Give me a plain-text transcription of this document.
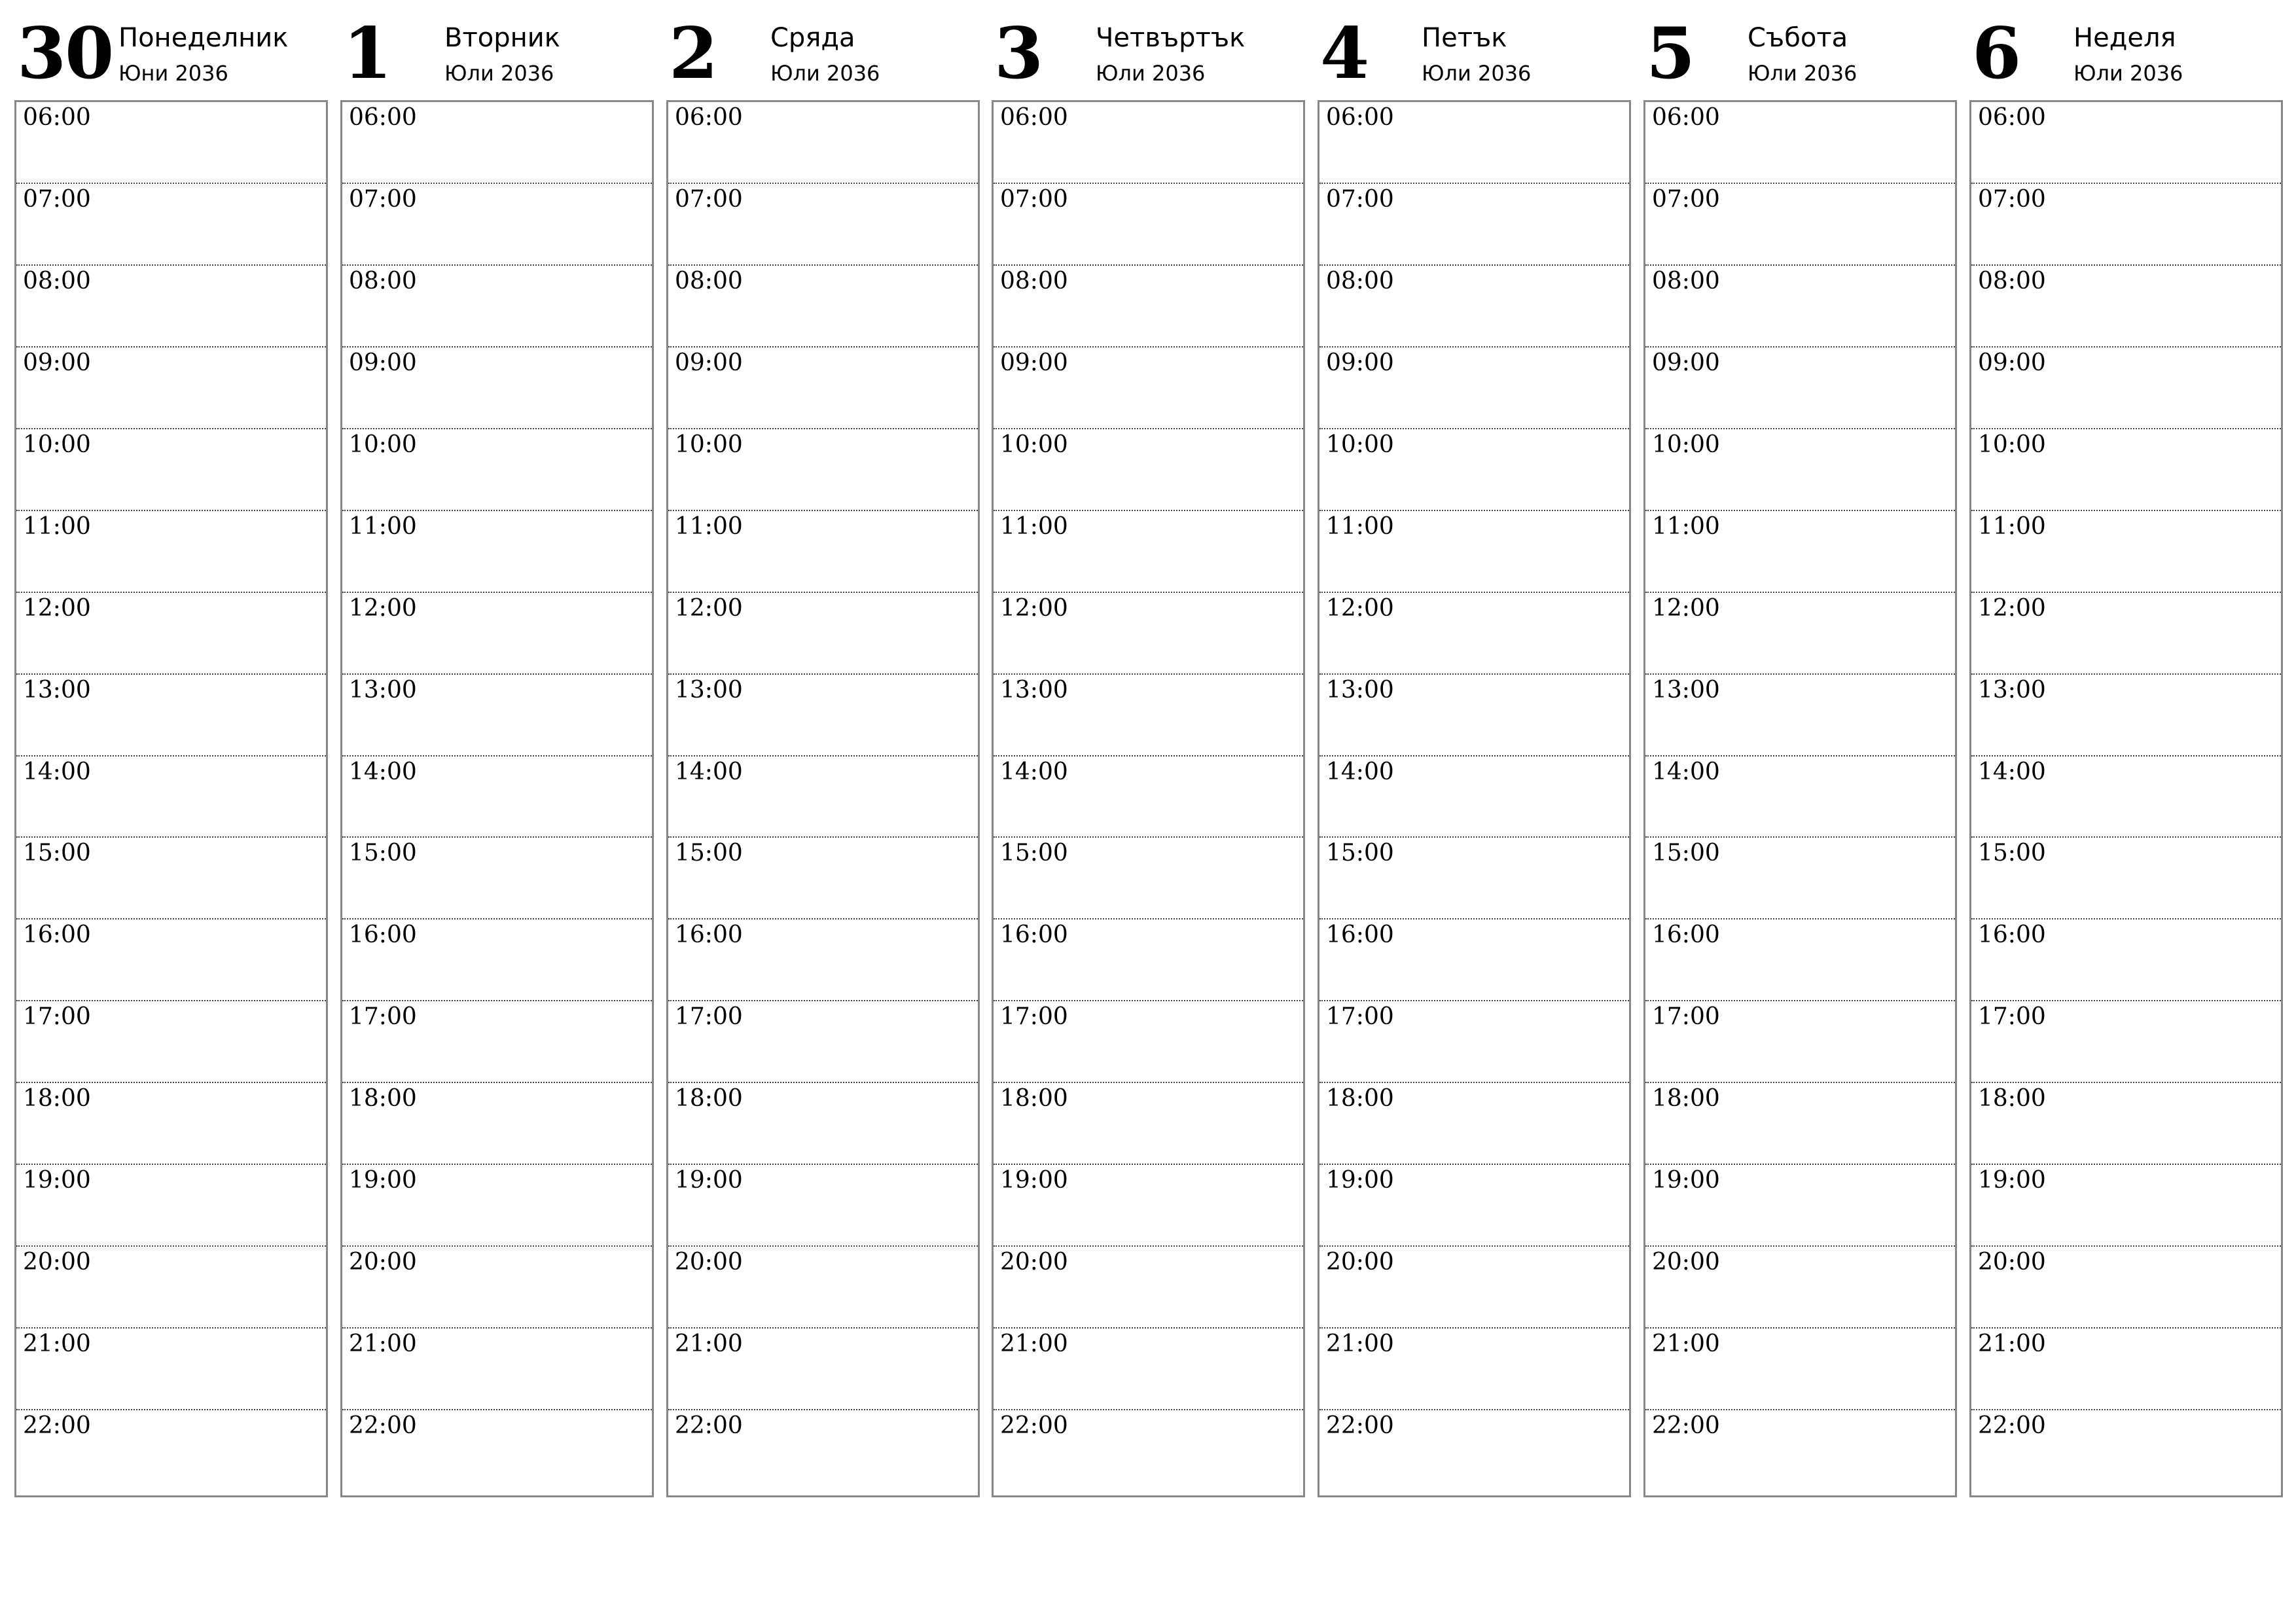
30 Понеделник
Юни 2036
06:00
07:00
08:00
09:00
10:00
11:00
12:00
13:00
14:00
15:00
16:00
17:00
18:00
19:00
20:00
21:00
22:00
1 Вторник
Юли 2036
06:00
07:00
08:00
09:00
10:00
11:00
12:00
13:00
14:00
15:00
16:00
17:00
18:00
19:00
20:00
21:00
22:00
2 Сряда
Юли 2036
06:00
07:00
08:00
09:00
10:00
11:00
12:00
13:00
14:00
15:00
16:00
17:00
18:00
19:00
20:00
21:00
22:00
3 Четвъртък
Юли 2036
06:00
07:00
08:00
09:00
10:00
11:00
12:00
13:00
14:00
15:00
16:00
17:00
18:00
19:00
20:00
21:00
22:00
4 Петък
Юли 2036
06:00
07:00
08:00
09:00
10:00
11:00
12:00
13:00
14:00
15:00
16:00
17:00
18:00
19:00
20:00
21:00
22:00
5 Събота
Юли 2036
06:00
07:00
08:00
09:00
10:00
11:00
12:00
13:00
14:00
15:00
16:00
17:00
18:00
19:00
20:00
21:00
22:00
6 Неделя
Юли 2036
06:00
07:00
08:00
09:00
10:00
11:00
12:00
13:00
14:00
15:00
16:00
17:00
18:00
19:00
20:00
21:00
22:00
